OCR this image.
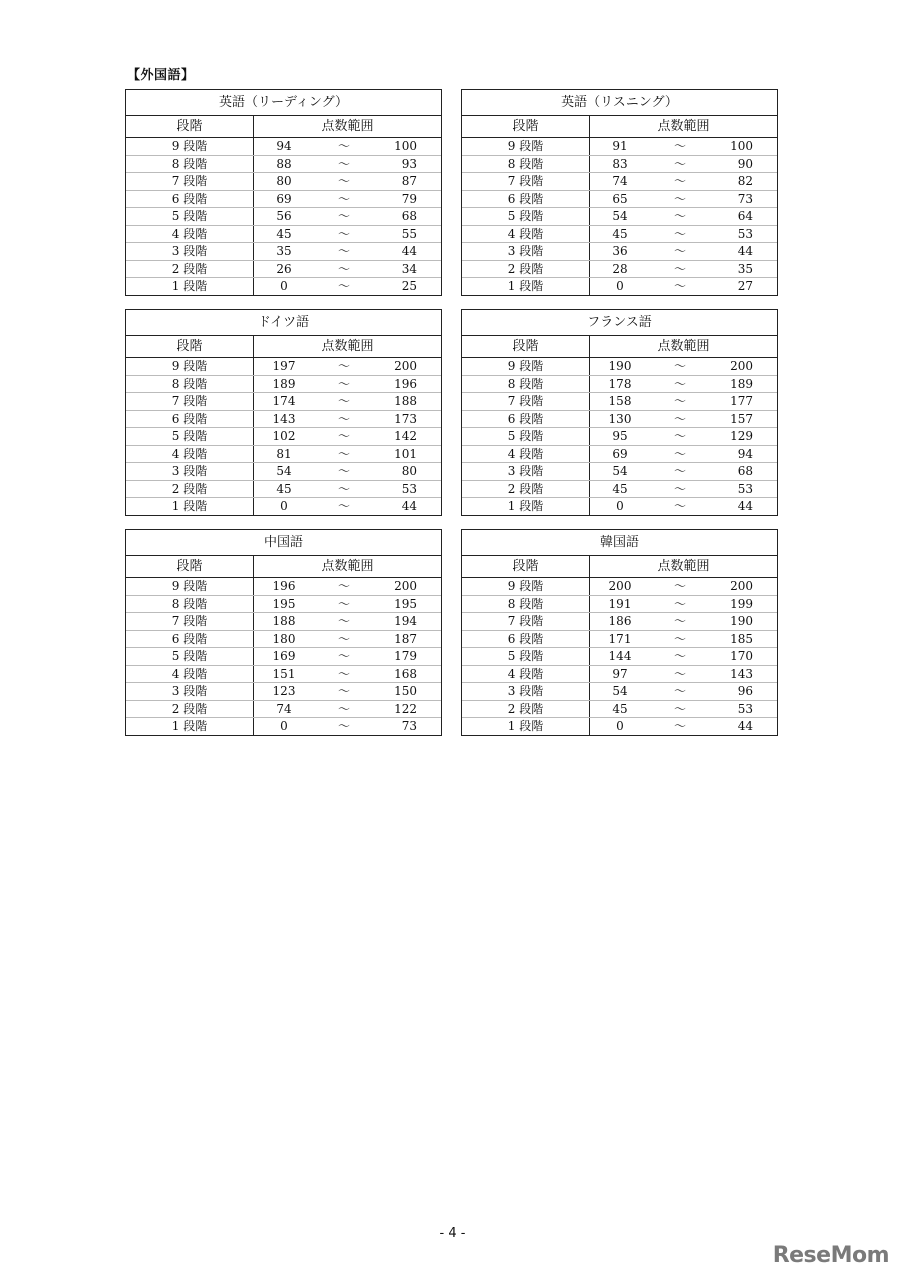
【外国語】
英語（リーディング）
段階	点数範囲
9 段階	94	〜	100
8 段階	88	〜	93
7 段階	80	〜	87
6 段階	69	〜	79
5 段階	56	〜	68
4 段階	45	〜	55
3 段階	35	〜	44
2 段階	26	〜	34
1 段階	0	〜	25
英語（リスニング）
段階	点数範囲
9 段階	91	〜	100
8 段階	83	〜	90
7 段階	74	〜	82
6 段階	65	〜	73
5 段階	54	〜	64
4 段階	45	〜	53
3 段階	36	〜	44
2 段階	28	〜	35
1 段階	0	〜	27
ドイツ語
段階	点数範囲
9 段階	197	〜	200
8 段階	189	〜	196
7 段階	174	〜	188
6 段階	143	〜	173
5 段階	102	〜	142
4 段階	81	〜	101
3 段階	54	〜	80
2 段階	45	〜	53
1 段階	0	〜	44
フランス語
段階	点数範囲
9 段階	190	〜	200
8 段階	178	〜	189
7 段階	158	〜	177
6 段階	130	〜	157
5 段階	95	〜	129
4 段階	69	〜	94
3 段階	54	〜	68
2 段階	45	〜	53
1 段階	0	〜	44
中国語
段階	点数範囲
9 段階	196	〜	200
8 段階	195	〜	195
7 段階	188	〜	194
6 段階	180	〜	187
5 段階	169	〜	179
4 段階	151	〜	168
3 段階	123	〜	150
2 段階	74	〜	122
1 段階	0	〜	73
韓国語
段階	点数範囲
9 段階	200	〜	200
8 段階	191	〜	199
7 段階	186	〜	190
6 段階	171	〜	185
5 段階	144	〜	170
4 段階	97	〜	143
3 段階	54	〜	96
2 段階	45	〜	53
1 段階	0	〜	44
- 4 -
ReseMom
